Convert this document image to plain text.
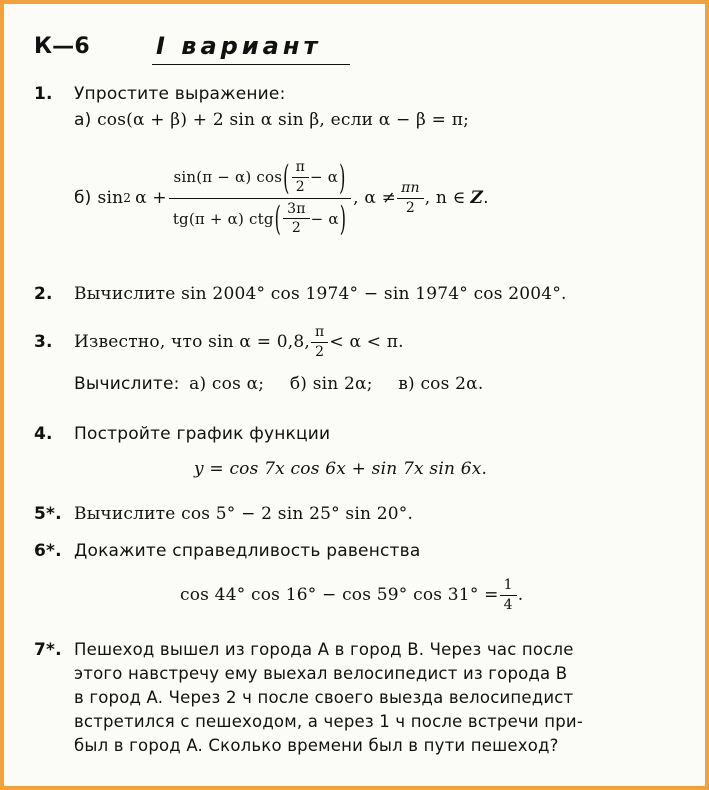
К—6	I вариант
1. Упростите выражение:
а) cos(α + β) + 2 sin α sin β, если α − β = π;
б) sin 2 α +
sin(π − α) cos ( $\frac{\pi}{2} - \alpha$ )
tg(π + α) ctg ( $\frac{3\pi}{2} - \alpha$ )
, $\alpha \ne \frac{\pi n}{2}$ , n ∈ Z .
2. Вычислите sin 2004° cos 1974° − sin 1974° cos 2004°.
3. Известно, что sin α = 0,8, $\frac{\pi}{2} < \alpha < \pi$.
Вычислите: а) cos α; б) sin 2α; в) cos 2α.
4. Постройте график функции
y = cos 7x cos 6x + sin 7x sin 6x.
5*. Вычислите cos 5° − 2 sin 25° sin 20°.
6*. Докажите справедливость равенства
cos 44° cos 16° − cos 59° $\cos 31^\circ = \frac{1}{4}$ .
7*. Пешеход вышел из города A в город B. Через час после
этого навстречу ему выехал велосипедист из города B
в город A. Через 2 ч после своего выезда велосипедист
встретился с пешеходом, а через 1 ч после встречи при-
был в город A. Сколько времени был в пути пешеход?
